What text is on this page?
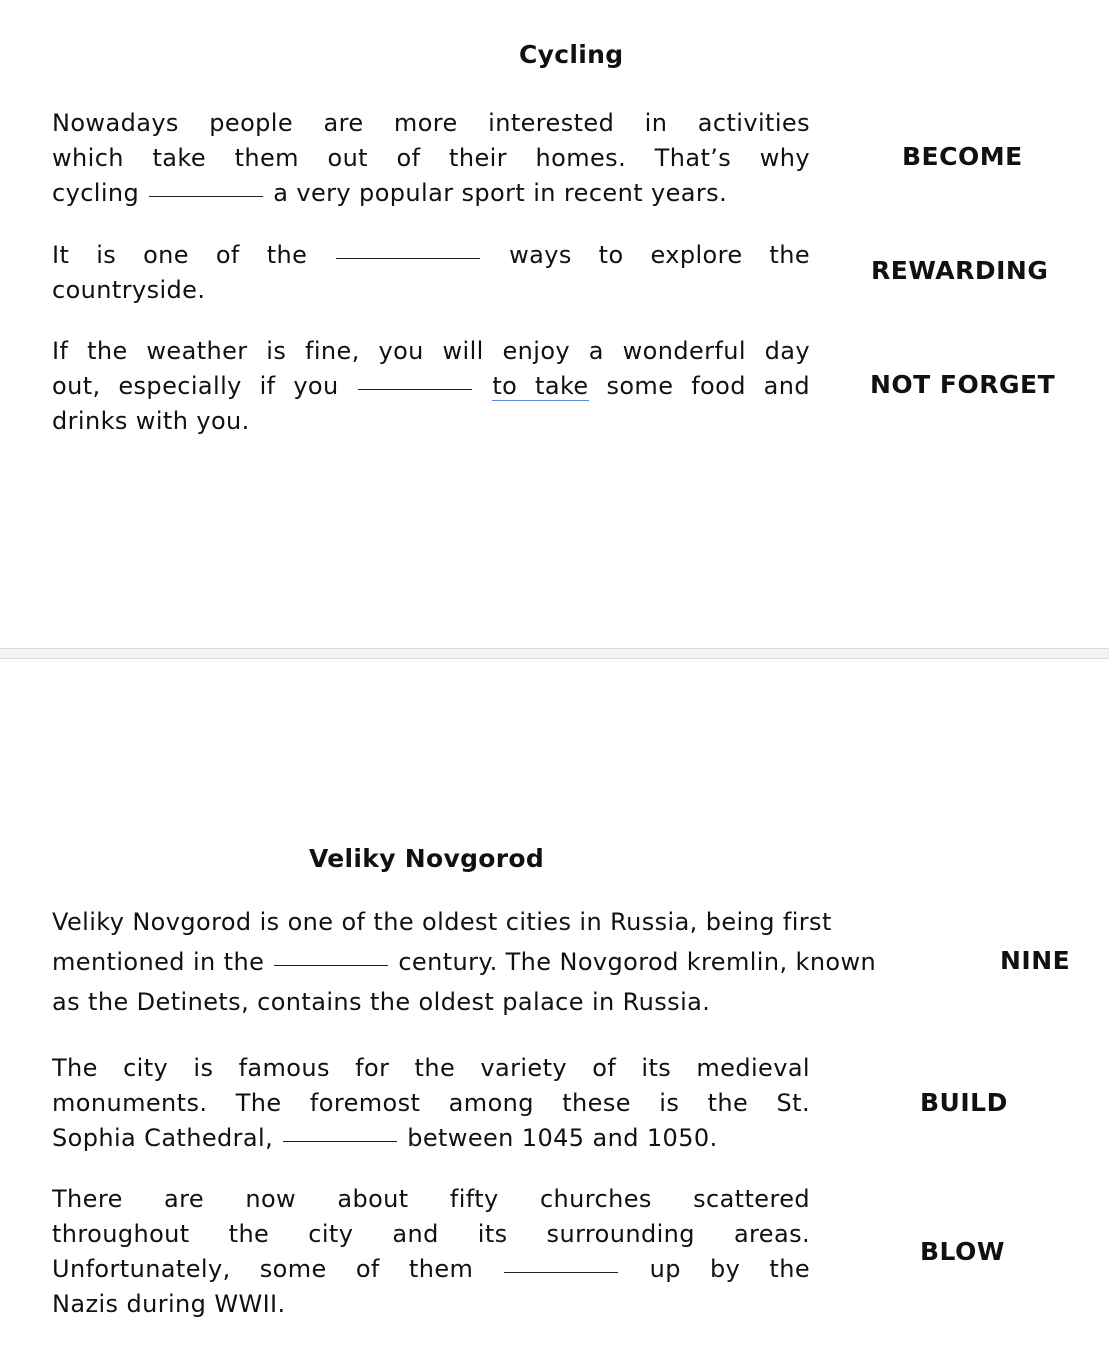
Cycling
Nowadays people are more interested in activities
which take them out of their homes. That’s why
cycling	a very popular sport in recent years.
BECOME
It is one of the	ways to explore the
countryside.
REWARDING
If the weather is fine, you will enjoy a wonderful day
out, especially if you	to take some food and
drinks with you.
NOT FORGET
Veliky Novgorod
Veliky Novgorod is one of the oldest cities in Russia, being first
mentioned in the	century. The Novgorod kremlin, known
as the Detinets, contains the oldest palace in Russia.
NINE
The city is famous for the variety of its medieval
monuments. The foremost among these is the St.
Sophia Cathedral,	between 1045 and 1050.
BUILD
There are now about fifty churches scattered
throughout the city and its surrounding areas.
Unfortunately, some of them	up by the
Nazis during WWII.
BLOW
